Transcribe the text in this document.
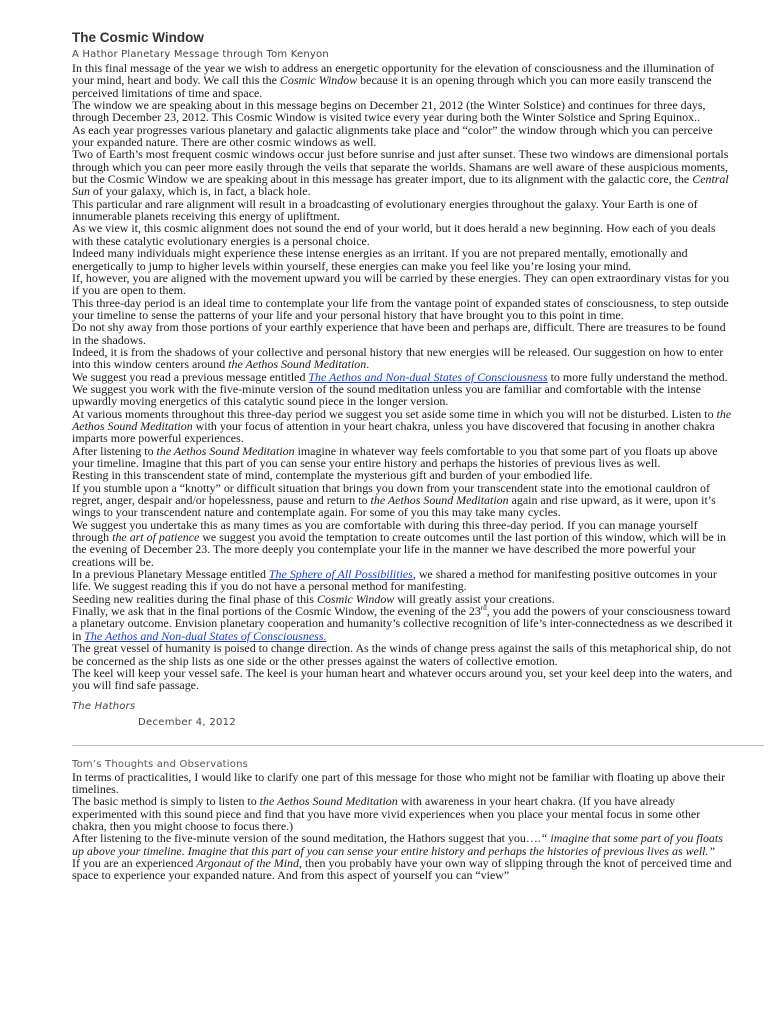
The Cosmic Window
A Hathor Planetary Message through Tom Kenyon

In this final message of the year we wish to address an energetic opportunity for the elevation of consciousness and the illumination of your mind, heart and body. We call this the Cosmic Window because it is an opening through which you can more easily transcend the perceived limitations of time and space.

The window we are speaking about in this message begins on December 21, 2012 (the Winter Solstice) and continues for three days, through December 23, 2012. This Cosmic Window is visited twice every year during both the Winter Solstice and Spring Equinox..

As each year progresses various planetary and galactic alignments take place and “color” the window through which you can perceive your expanded nature. There are other cosmic windows as well.

Two of Earth’s most frequent cosmic windows occur just before sunrise and just after sunset. These two windows are dimensional portals through which you can peer more easily through the veils that separate the worlds. Shamans are well aware of these auspicious moments, but the Cosmic Window we are speaking about in this message has greater import, due to its alignment with the galactic core, the Central Sun of your galaxy, which is, in fact, a black hole.

This particular and rare alignment will result in a broadcasting of evolutionary energies throughout the galaxy. Your Earth is one of innumerable planets receiving this energy of upliftment.

As we view it, this cosmic alignment does not sound the end of your world, but it does herald a new beginning. How each of you deals with these catalytic evolutionary energies is a personal choice.

Indeed many individuals might experience these intense energies as an irritant. If you are not prepared mentally, emotionally and energetically to jump to higher levels within yourself, these energies can make you feel like you’re losing your mind.

If, however, you are aligned with the movement upward you will be carried by these energies. They can open extraordinary vistas for you if you are open to them.

This three-day period is an ideal time to contemplate your life from the vantage point of expanded states of consciousness, to step outside your timeline to sense the patterns of your life and your personal history that have brought you to this point in time.

Do not shy away from those portions of your earthly experience that have been and perhaps are, difficult. There are treasures to be found in the shadows.

Indeed, it is from the shadows of your collective and personal history that new energies will be released. Our suggestion on how to enter into this window centers around the Aethos Sound Meditation.

We suggest you read a previous message entitled The Aethos and Non-dual States of Consciousness to more fully understand the method. We suggest you work with the five-minute version of the sound meditation unless you are familiar and comfortable with the intense upwardly moving energetics of this catalytic sound piece in the longer version.

At various moments throughout this three-day period we suggest you set aside some time in which you will not be disturbed. Listen to the Aethos Sound Meditation with your focus of attention in your heart chakra, unless you have discovered that focusing in another chakra imparts more powerful experiences.

After listening to the Aethos Sound Meditation imagine in whatever way feels comfortable to you that some part of you floats up above your timeline. Imagine that this part of you can sense your entire history and perhaps the histories of previous lives as well.

Resting in this transcendent state of mind, contemplate the mysterious gift and burden of your embodied life.

If you stumble upon a “knotty” or difficult situation that brings you down from your transcendent state into the emotional cauldron of regret, anger, despair and/or hopelessness, pause and return to the Aethos Sound Meditation again and rise upward, as it were, upon it’s wings to your transcendent nature and contemplate again. For some of you this may take many cycles.

We suggest you undertake this as many times as you are comfortable with during this three-day period. If you can manage yourself through the art of patience we suggest you avoid the temptation to create outcomes until the last portion of this window, which will be in the evening of December 23. The more deeply you contemplate your life in the manner we have described the more powerful your creations will be.

In a previous Planetary Message entitled The Sphere of All Possibilities, we shared a method for manifesting positive outcomes in your life. We suggest reading this if you do not have a personal method for manifesting.

Seeding new realities during the final phase of this Cosmic Window will greatly assist your creations.

Finally, we ask that in the final portions of the Cosmic Window, the evening of the 23rd, you add the powers of your consciousness toward a planetary outcome. Envision planetary cooperation and humanity’s collective recognition of life’s inter-connectedness as we described it in The Aethos and Non-dual States of Consciousness.

The great vessel of humanity is poised to change direction. As the winds of change press against the sails of this metaphorical ship, do not be concerned as the ship lists as one side or the other presses against the waters of collective emotion.

The keel will keep your vessel safe. The keel is your human heart and whatever occurs around you, set your keel deep into the waters, and you will find safe passage.

The Hathors
December 4, 2012
Tom’s Thoughts and Observations

In terms of practicalities, I would like to clarify one part of this message for those who might not be familiar with floating up above their timelines.

The basic method is simply to listen to the Aethos Sound Meditation with awareness in your heart chakra. (If you have already experimented with this sound piece and find that you have more vivid experiences when you place your mental focus in some other chakra, then you might choose to focus there.)

After listening to the five-minute version of the sound meditation, the Hathors suggest that you….“ imagine that some part of you floats up above your timeline. Imagine that this part of you can sense your entire history and perhaps the histories of previous lives as well.”

If you are an experienced Argonaut of the Mind, then you probably have your own way of slipping through the knot of perceived time and space to experience your expanded nature. And from this aspect of yourself you can “view”
